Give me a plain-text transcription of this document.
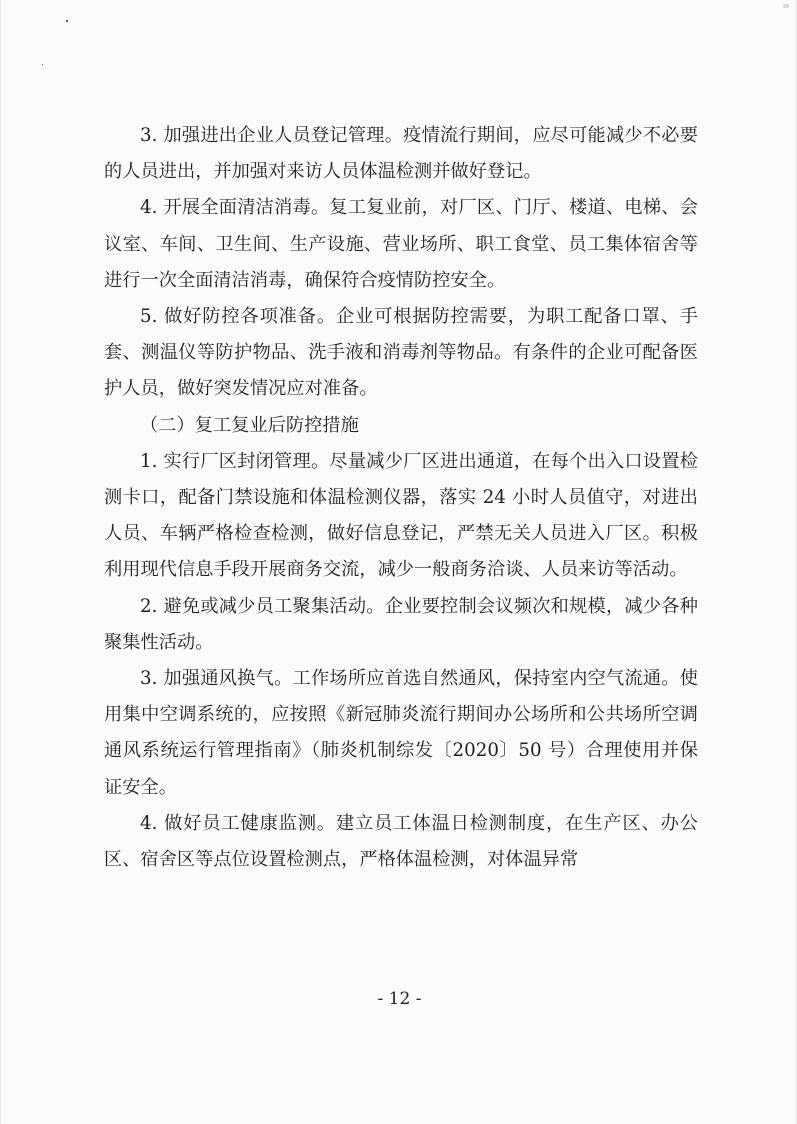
3. 加强进出企业人员登记管理。疫情流行期间，应尽可能减少不必要的人员进出，并加强对来访人员体温检测并做好登记。

4. 开展全面清洁消毒。复工复业前，对厂区、门厅、楼道、电梯、会议室、车间、卫生间、生产设施、营业场所、职工食堂、员工集体宿舍等进行一次全面清洁消毒，确保符合疫情防控安全。

5. 做好防控各项准备。企业可根据防控需要，为职工配备口罩、手套、测温仪等防护物品、洗手液和消毒剂等物品。有条件的企业可配备医护人员，做好突发情况应对准备。

（二）复工复业后防控措施

1. 实行厂区封闭管理。尽量减少厂区进出通道，在每个出入口设置检测卡口，配备门禁设施和体温检测仪器，落实 24 小时人员值守，对进出人员、车辆严格检查检测，做好信息登记，严禁无关人员进入厂区。积极利用现代信息手段开展商务交流，减少一般商务洽谈、人员来访等活动。

2. 避免或减少员工聚集活动。企业要控制会议频次和规模，减少各种聚集性活动。

3. 加强通风换气。工作场所应首选自然通风，保持室内空气流通。使用集中空调系统的，应按照《新冠肺炎流行期间办公场所和公共场所空调通风系统运行管理指南》（肺炎机制综发〔2020〕50 号）合理使用并保证安全。

4. 做好员工健康监测。建立员工体温日检测制度，在生产区、办公区、宿舍区等点位设置检测点，严格体温检测，对体温异常

- 12 -
